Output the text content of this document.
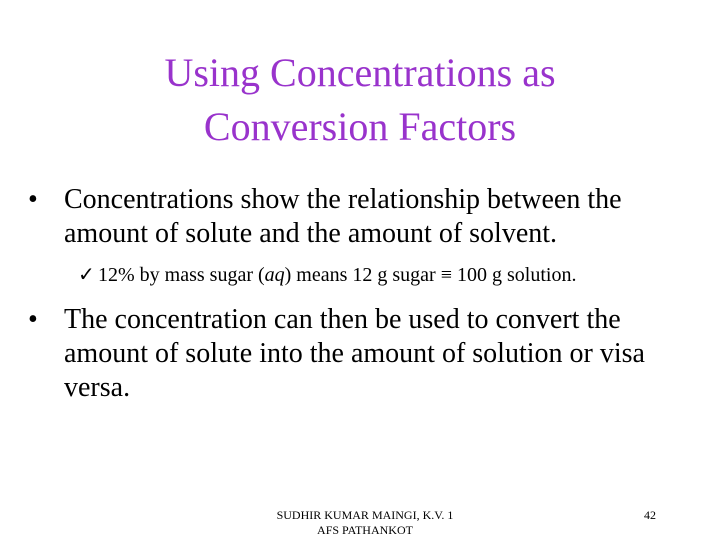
Using Concentrations as
Conversion Factors
• Concentrations show the relationship between the amount of solute and the amount of solvent.
✓ 12% by mass sugar (aq) means 12 g sugar ≡ 100 g solution.
• The concentration can then be used to convert the amount of solute into the amount of solution or visa versa.
SUDHIR KUMAR MAINGI, K.V. 1
AFS PATHANKOT
42
